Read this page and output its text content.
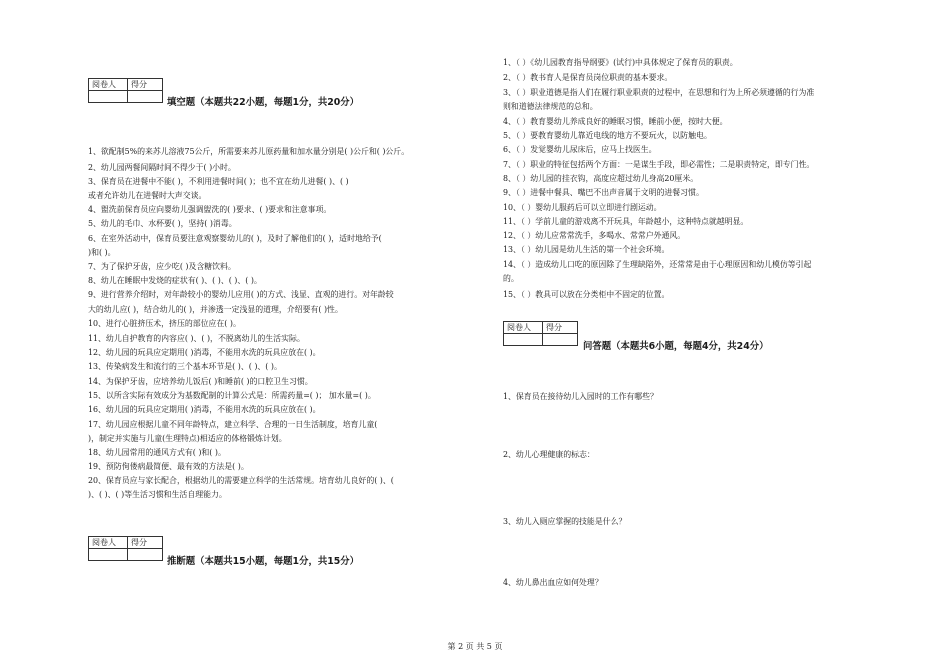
阅卷人	得分

填空题（本题共22小题，每题1分，共20分）
1、欲配制5%的来苏儿溶液75公斤，所需要来苏儿原药量和加水量分别是( )公斤和( )公斤。
2、幼儿园两餐间隔时间不得少于( )小时。
3、保育员在进餐中不能( )，不利用进餐时间( )；也不宜在幼儿进餐( )、( )
或者允许幼儿在进餐时大声交谈。
4、盥洗前保育员应向婴幼儿强调盥洗的( )要求、( )要求和注意事项。
5、幼儿的毛巾、水杯要( )，坚持( )消毒。
6、在室外活动中，保育员要注意观察婴幼儿的( )，及时了解他们的( )，适时地给予(
)和( )。
7、为了保护牙齿，应少吃( )及含糖饮料。
8、幼儿在睡眠中发烧的症状有( )、( )、( )、( )。
9、进行营养介绍时，对年龄较小的婴幼儿应用( )的方式、浅显、直观的进行。对年龄较
大的幼儿应( )，结合幼儿的( )，并渗透一定浅显的道理，介绍要有( )性。
10、进行心脏挤压术，挤压的部位应在( )。
11、幼儿自护教育的内容应( )、( )，不脱离幼儿的生活实际。
12、幼儿园的玩具应定期用( )消毒，不能用水洗的玩具应放在( )。
13、传染病发生和流行的三个基本环节是( )、( )、( )。
14、为保护牙齿，应培养幼儿饭后( )和睡前( )的口腔卫生习惯。
15、以所含实际有效成分为基数配制的计算公式是：所需药量=( )； 加水量=( )。
16、幼儿园的玩具应定期用( )消毒，不能用水洗的玩具应放在( )。
17、幼儿园应根据儿童不同年龄特点，建立科学、合理的一日生活制度，培育儿童(
)，制定并实施与儿童(生理特点)相适应的体格锻炼计划。
18、幼儿园常用的通风方式有( )和( )。
19、预防佝偻病最简便、最有效的方法是( )。
20、保育员应与家长配合，根据幼儿的需要建立科学的生活常规。培育幼儿良好的( )、(
)、( )、( )等生活习惯和生活自理能力。
阅卷人	得分

推断题（本题共15小题，每题1分，共15分）
1、（ ）《幼儿园教育指导纲要》(试行)中具体规定了保育员的职责。
2、（ ）教书育人是保育员岗位职责的基本要求。
3、（ ）职业道德是指人们在履行职业职责的过程中，在思想和行为上所必须遵循的行为准
则和道德法律规范的总和。
4、（ ）教育婴幼儿养成良好的睡眠习惯，睡前小便，按时大便。
5、（ ）要教育婴幼儿靠近电线的地方不要玩火，以防触电。
6、（ ）发觉婴幼儿尿床后，应马上找医生。
7、（ ）职业的特征包括两个方面：一是谋生手段，即必需性；二是职责特定，即专门性。
8、（ ）幼儿园的挂衣钩，高度应超过幼儿身高20厘米。
9、（ ）进餐中餐具、嘴巴不出声音属于文明的进餐习惯。
10、（ ）婴幼儿服药后可以立即进行剧运动。
11、（ ）学前儿童的游戏离不开玩具，年龄越小，这种特点就越明显。
12、（ ）幼儿应常常洗手，多喝水、常常户外通风。
13、（ ）幼儿园是幼儿生活的第一个社会环境。
14、（ ）造成幼儿口吃的原因除了生理缺陷外，还常常是由于心理原因和幼儿模仿等引起
的。
15、（ ）教具可以放在分类柜中不固定的位置。
阅卷人	得分

问答题（本题共6小题，每题4分，共24分）
1、保育员在接待幼儿入园时的工作有哪些？
2、幼儿心理健康的标志：
3、幼儿入厕应掌握的技能是什么？
4、幼儿鼻出血应如何处理？
第 2 页 共 5 页
